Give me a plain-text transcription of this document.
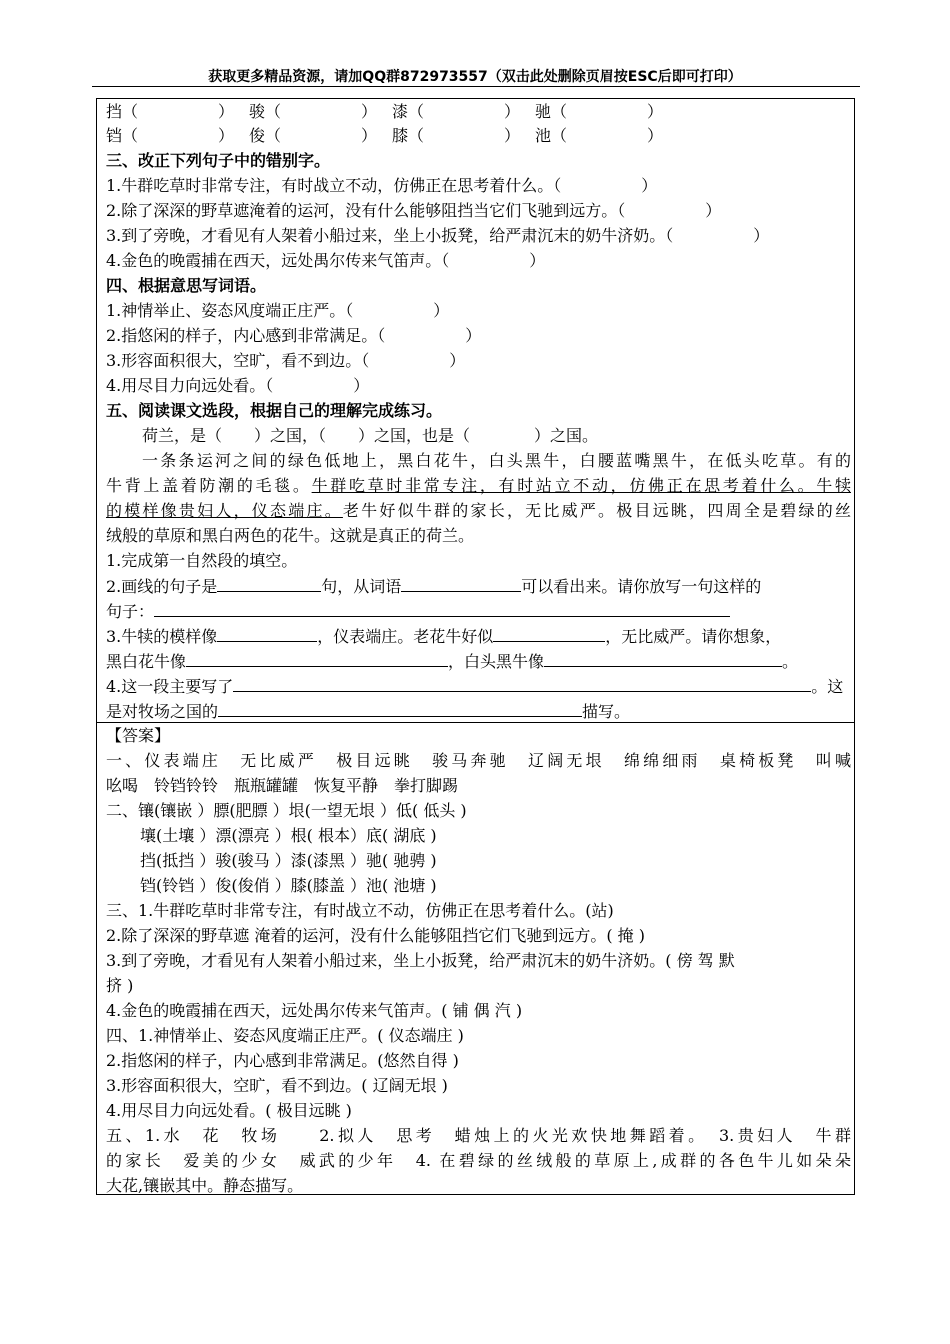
获取更多精品资源，请加QQ群872973557（双击此处删除页眉按ESC后即可打印）
挡（　　　　　） 骏（　　　　　） 漆（　　　　　） 驰（　　　　　）
铛（　　　　　） 俊（　　　　　） 膝（　　　　　） 池（　　　　　）
三、改正下列句子中的错别字。
1.牛群吃草时非常专注，有时战立不动，仿佛正在思考着什么。（　　　　　）
2.除了深深的野草遮淹着的运河，没有什么能够阻挡当它们飞驰到远方。（　　　　　）
3.到了旁晚，才看见有人架着小船过来，坐上小扳凳，给严肃沉末的奶牛济奶。（　　　　　）
4.金色的晚霞捕在西天，远处禺尔传来气笛声。（　　　　　）
四、根据意思写词语。
1.神情举止、姿态风度端正庄严。（　　　　　）
2.指悠闲的样子，内心感到非常满足。（　　　　　）
3.形容面积很大，空旷，看不到边。（　　　　　）
4.用尽目力向远处看。（　　　　　）
五、阅读课文选段，根据自己的理解完成练习。
荷兰，是（　　）之国，（　　）之国，也是（　　　　）之国。
一条条运河之间的绿色低地上，黑白花牛，白头黑牛，白腰蓝嘴黑牛，在低头吃草。有的
牛背上盖着防潮的毛毯。牛群吃草时非常专注，有时站立不动，仿佛正在思考着什么。牛犊
的模样像贵妇人，仪态端庄。老牛好似牛群的家长，无比威严。极目远眺，四周全是碧绿的丝
绒般的草原和黑白两色的花牛。这就是真正的荷兰。
1.完成第一自然段的填空。
2.画线的句子是	句，从词语	可以看出来。请你放写一句这样的
句子：
3.牛犊的模样像	，仪表端庄。老花牛好似	，无比威严。请你想象，
黑白花牛像	，白头黑牛像	。
4.这一段主要写了	。这
是对牧场之国的	描写。
【答案】
一、仪表端庄　无比威严　极目远眺　骏马奔驰　辽阔无垠　绵绵细雨　桌椅板凳　叫喊
吆喝　铃铛铃铃　瓶瓶罐罐　恢复平静　拳打脚踢
二、镶(镶嵌 ）膘(肥膘 ）垠(一望无垠 ）低( 低头 )
壤(土壤 ）漂(漂亮 ）根( 根本）底( 湖底 )
挡(抵挡 ）骏(骏马 ）漆(漆黑 ）驰( 驰骋 )
铛(铃铛 ）俊(俊俏 ）膝(膝盖 ）池( 池塘 )
三、1.牛群吃草时非常专注，有时战立不动，仿佛正在思考着什么。(站)
2.除了深深的野草遮 淹着的运河，没有什么能够阻挡它们飞驰到远方。( 掩 )
3.到了旁晚，才看见有人架着小船过来，坐上小扳凳，给严肃沉末的奶牛济奶。( 傍 驾 默
挤 )
4.金色的晚霞捕在西天，远处禺尔传来气笛声。( 铺 偶 汽 )
四、1.神情举止、姿态风度端正庄严。( 仪态端庄 )
2.指悠闲的样子，内心感到非常满足。(悠然自得 )
3.形容面积很大，空旷，看不到边。( 辽阔无垠 )
4.用尽目力向远处看。( 极目远眺 )
五、1.水　花　牧场　　2.拟人　思考　蜡烛上的火光欢快地舞蹈着。　3.贵妇人　牛群
的家长　爱美的少女　威武的少年　4. 在碧绿的丝绒般的草原上,成群的各色牛儿如朵朵
大花,镶嵌其中。静态描写。
